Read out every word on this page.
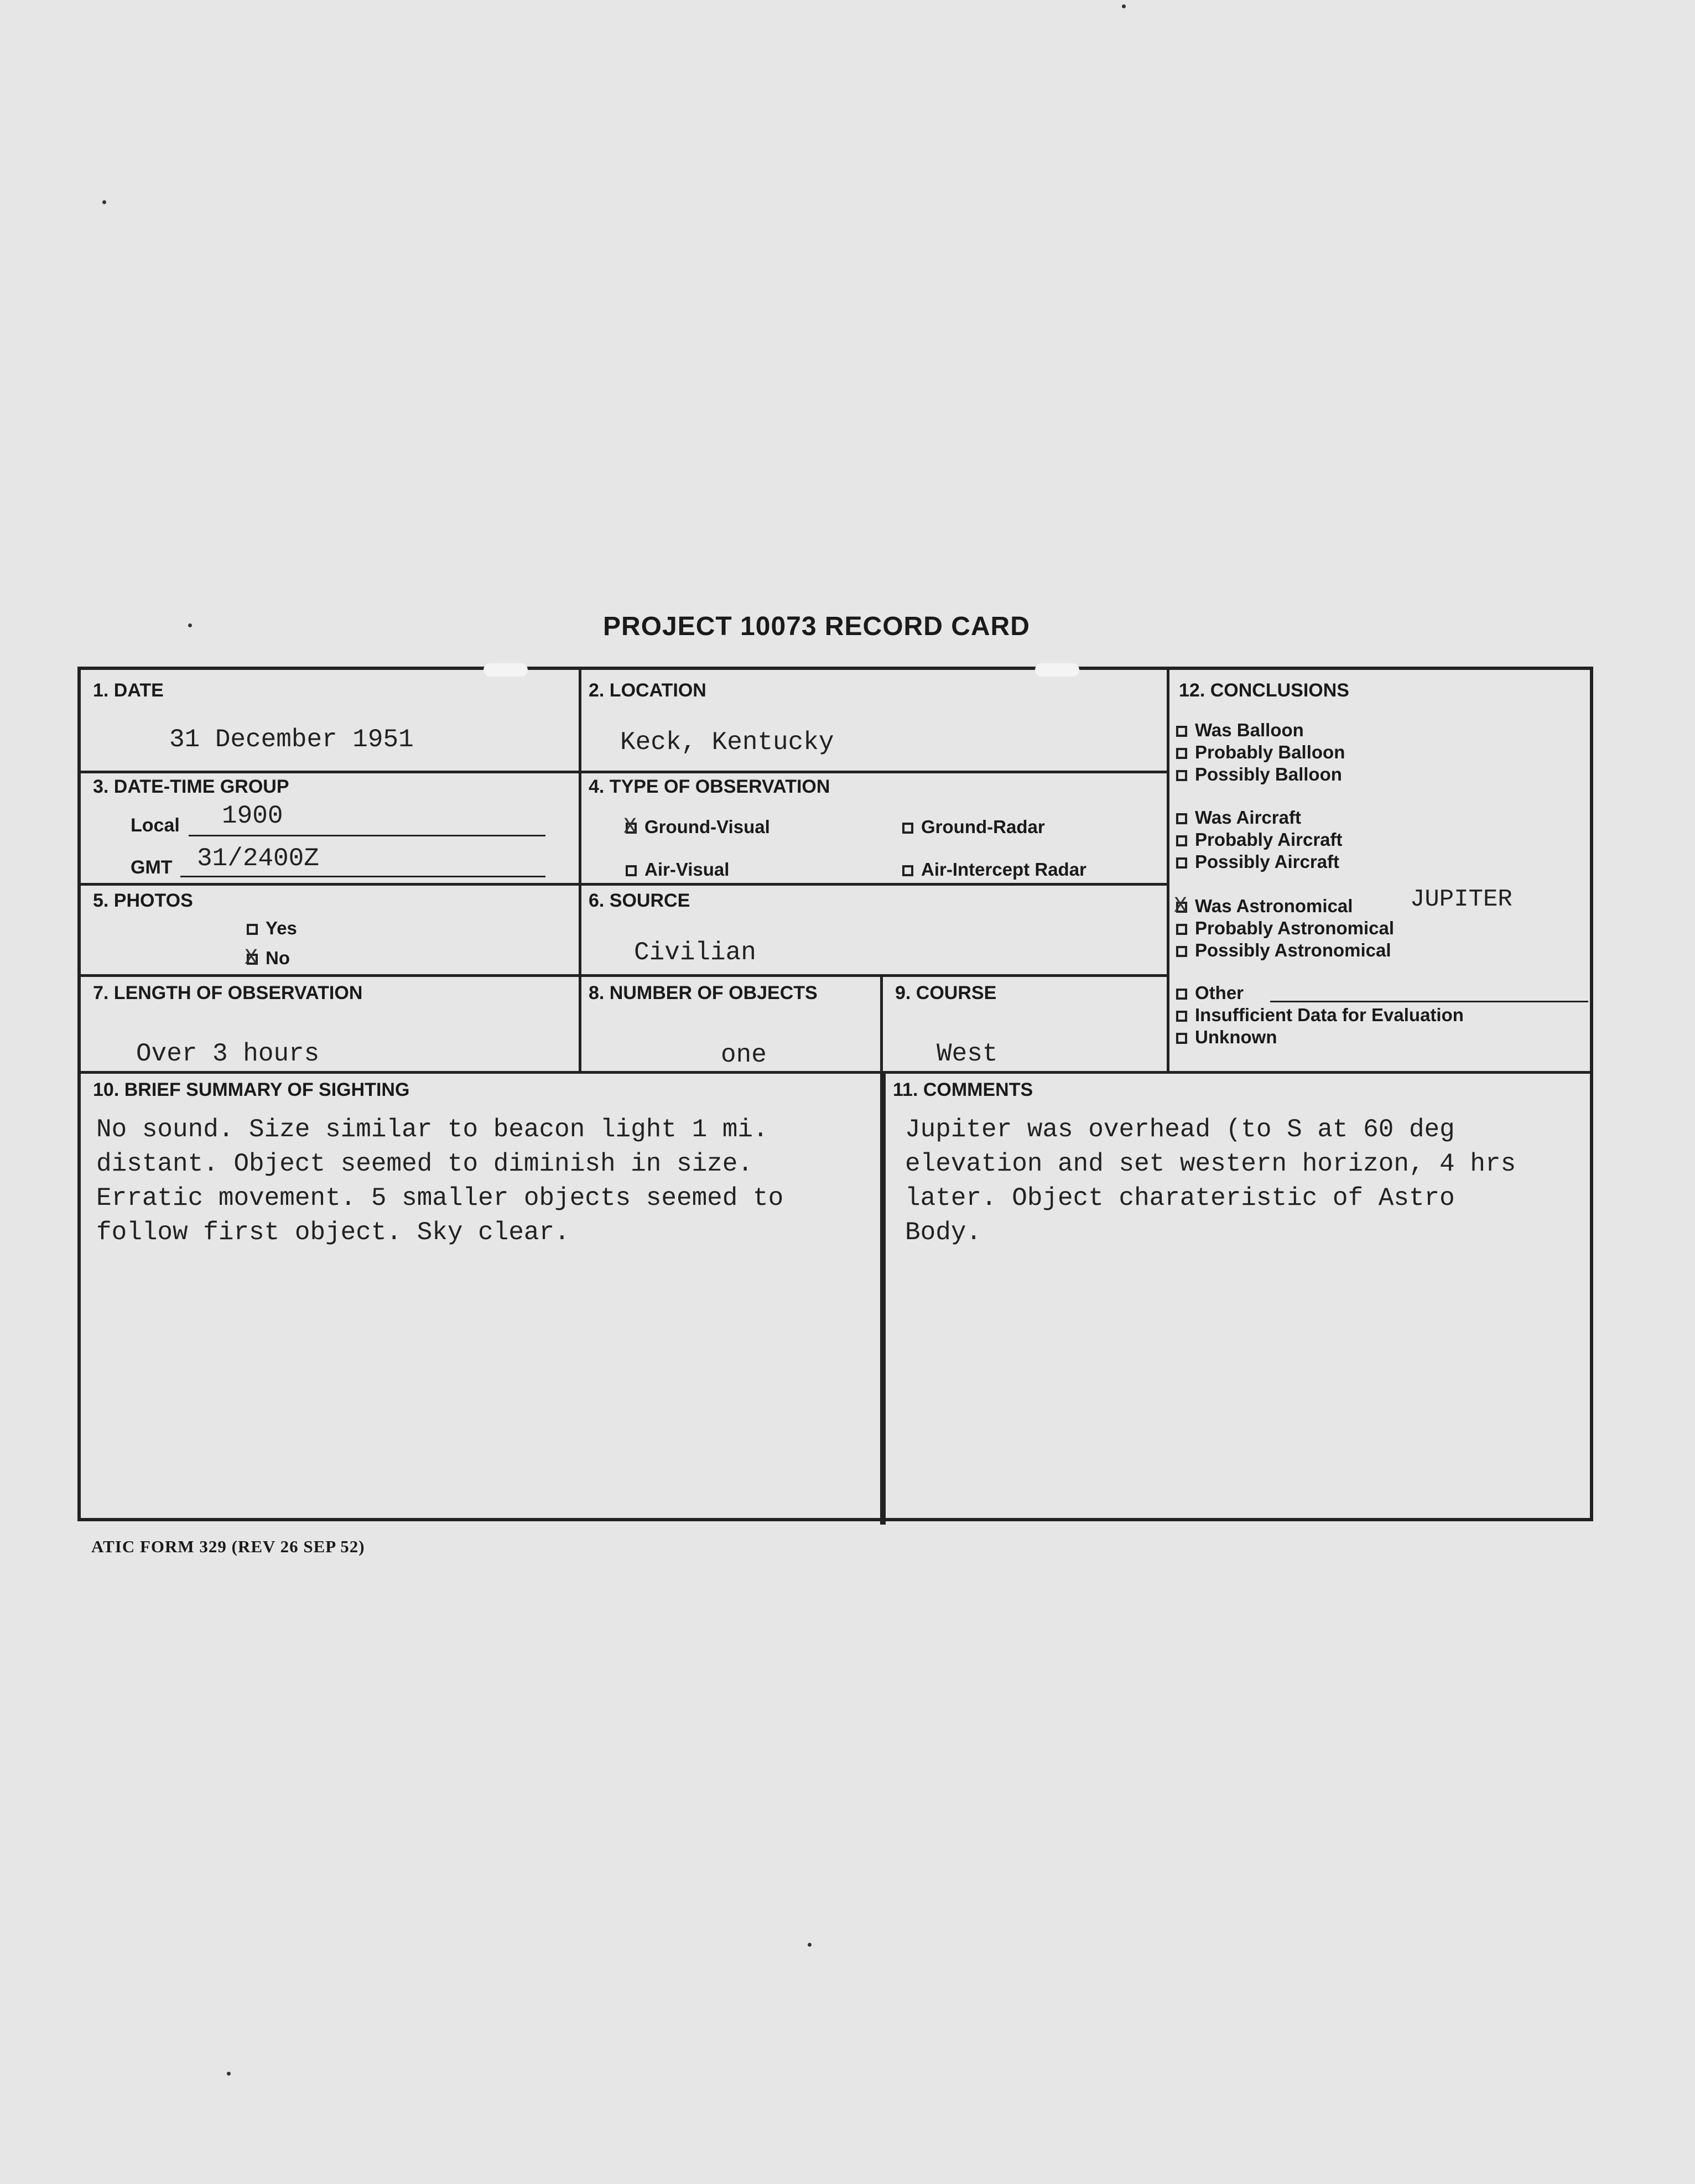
PROJECT 10073 RECORD CARD
1. DATE
31 December 1951
2. LOCATION
Keck, Kentucky
3. DATE-TIME GROUP
Local 1900
GMT 31/2400Z
4. TYPE OF OBSERVATION
XGround-Visual	Ground-Radar
Air-Visual	Air-Intercept Radar
5. PHOTOS
Yes
XNo
6. SOURCE
Civilian
7. LENGTH OF OBSERVATION
Over 3 hours
8. NUMBER OF OBJECTS
one
9. COURSE
West
10. BRIEF SUMMARY OF SIGHTING
No sound. Size similar to beacon light 1 mi.
distant. Object seemed to diminish in size.
Erratic movement. 5 smaller objects seemed to
follow first object. Sky clear.
11. COMMENTS
Jupiter was overhead (to S at 60 deg
elevation and set western horizon, 4 hrs
later. Object charateristic of Astro
Body.
12. CONCLUSIONS
Was Balloon
Probably Balloon
Possibly Balloon
Was Aircraft
Probably Aircraft
Possibly Aircraft
XWas Astronomical JUPITER
Probably Astronomical
Possibly Astronomical
Other
Insufficient Data for Evaluation
Unknown
ATIC FORM 329 (REV 26 SEP 52)
